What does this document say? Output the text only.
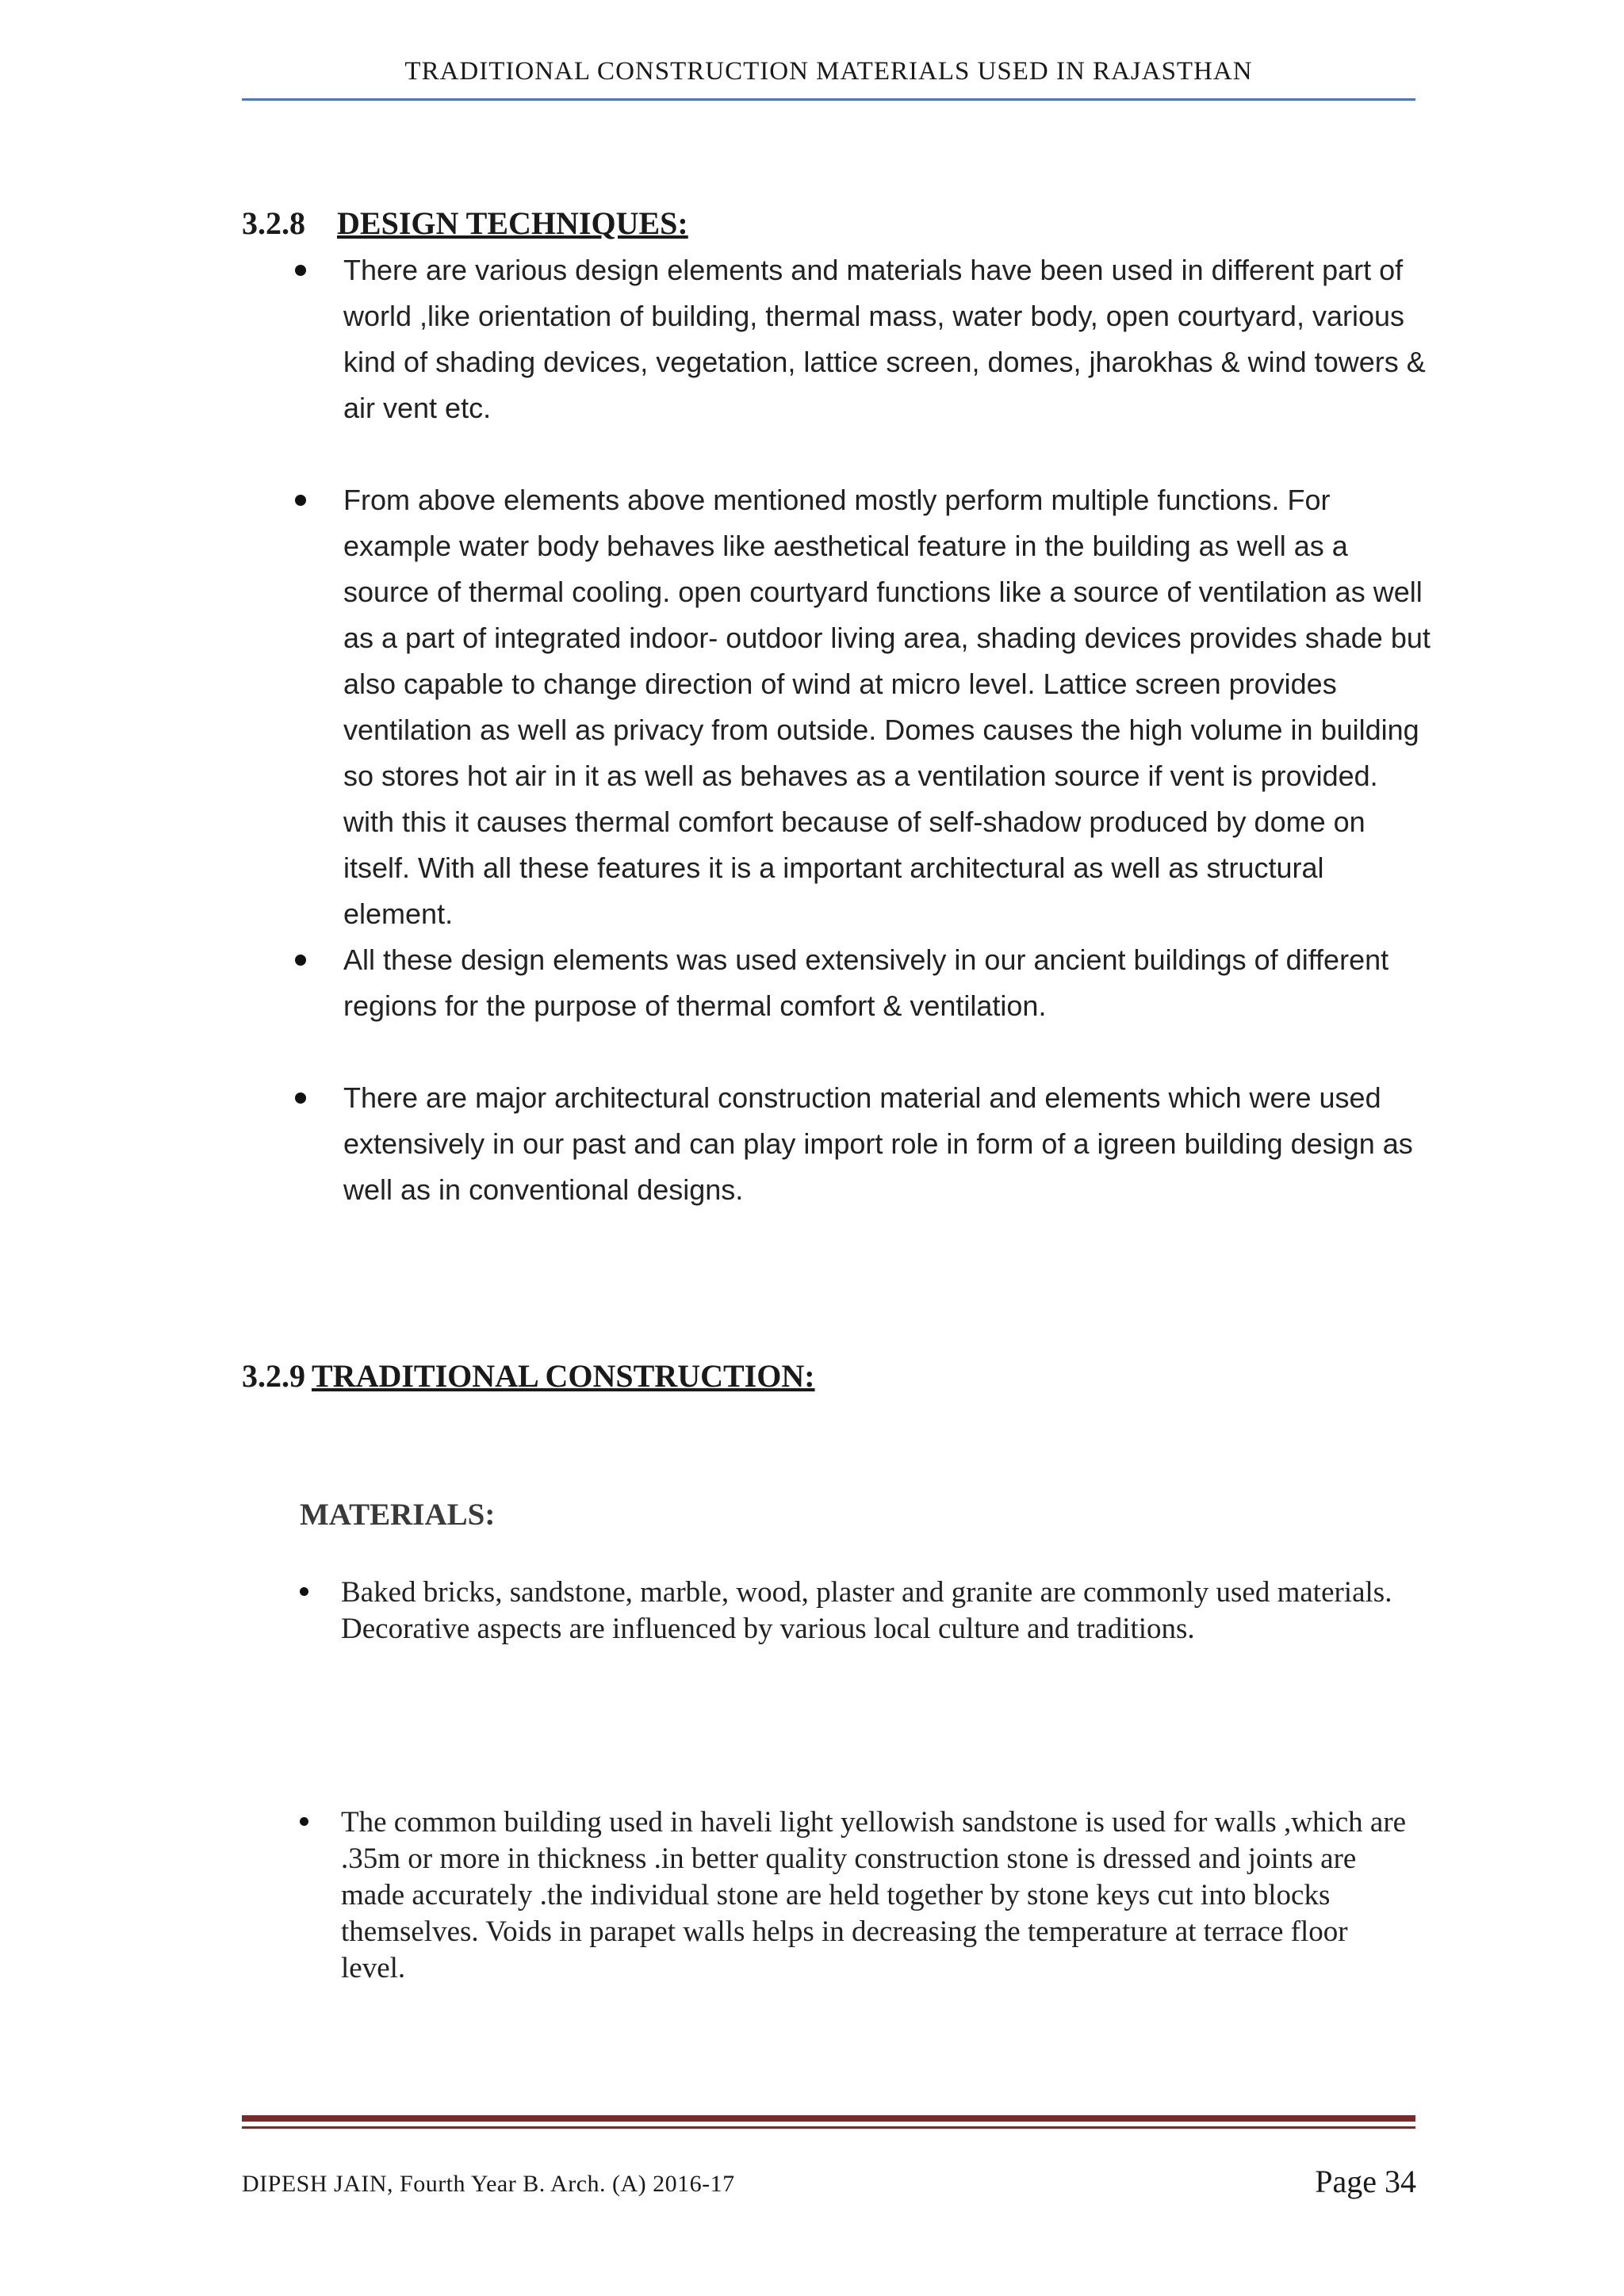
TRADITIONAL CONSTRUCTION MATERIALS USED IN RAJASTHAN
3.2.8 DESIGN TECHNIQUES:
There are various design elements and materials have been used in different part of world ,like orientation of building, thermal mass, water body, open courtyard, various kind of shading devices, vegetation, lattice screen, domes, jharokhas & wind towers & air vent etc.
From above elements above mentioned mostly perform multiple functions. For example water body behaves like aesthetical feature in the building as well as a source of thermal cooling. open courtyard functions like a source of ventilation as well as a part of integrated indoor- outdoor living area, shading devices provides shade but also capable to change direction of wind at micro level. Lattice screen provides ventilation as well as privacy from outside. Domes causes the high volume in building so stores hot air in it as well as behaves as a ventilation source if vent is provided. with this it causes thermal comfort because of self-shadow produced by dome on itself. With all these features it is a important architectural as well as structural element.
All these design elements was used extensively in our ancient buildings of different regions for the purpose of thermal comfort & ventilation.
There are major architectural construction material and elements which were used extensively in our past and can play import role in form of a igreen building design as well as in conventional designs.
3.2.9 TRADITIONAL CONSTRUCTION:
MATERIALS:
Baked bricks, sandstone, marble, wood, plaster and granite are commonly used materials. Decorative aspects are influenced by various local culture and traditions.
The common building used in haveli light yellowish sandstone is used for walls ,which are .35m or more in thickness .in better quality construction stone is dressed and joints are made accurately .the individual stone are held together by stone keys cut into blocks themselves. Voids in parapet walls helps in decreasing the temperature at terrace floor level.
DIPESH JAIN, Fourth Year B. Arch. (A) 2016-17	Page 34
